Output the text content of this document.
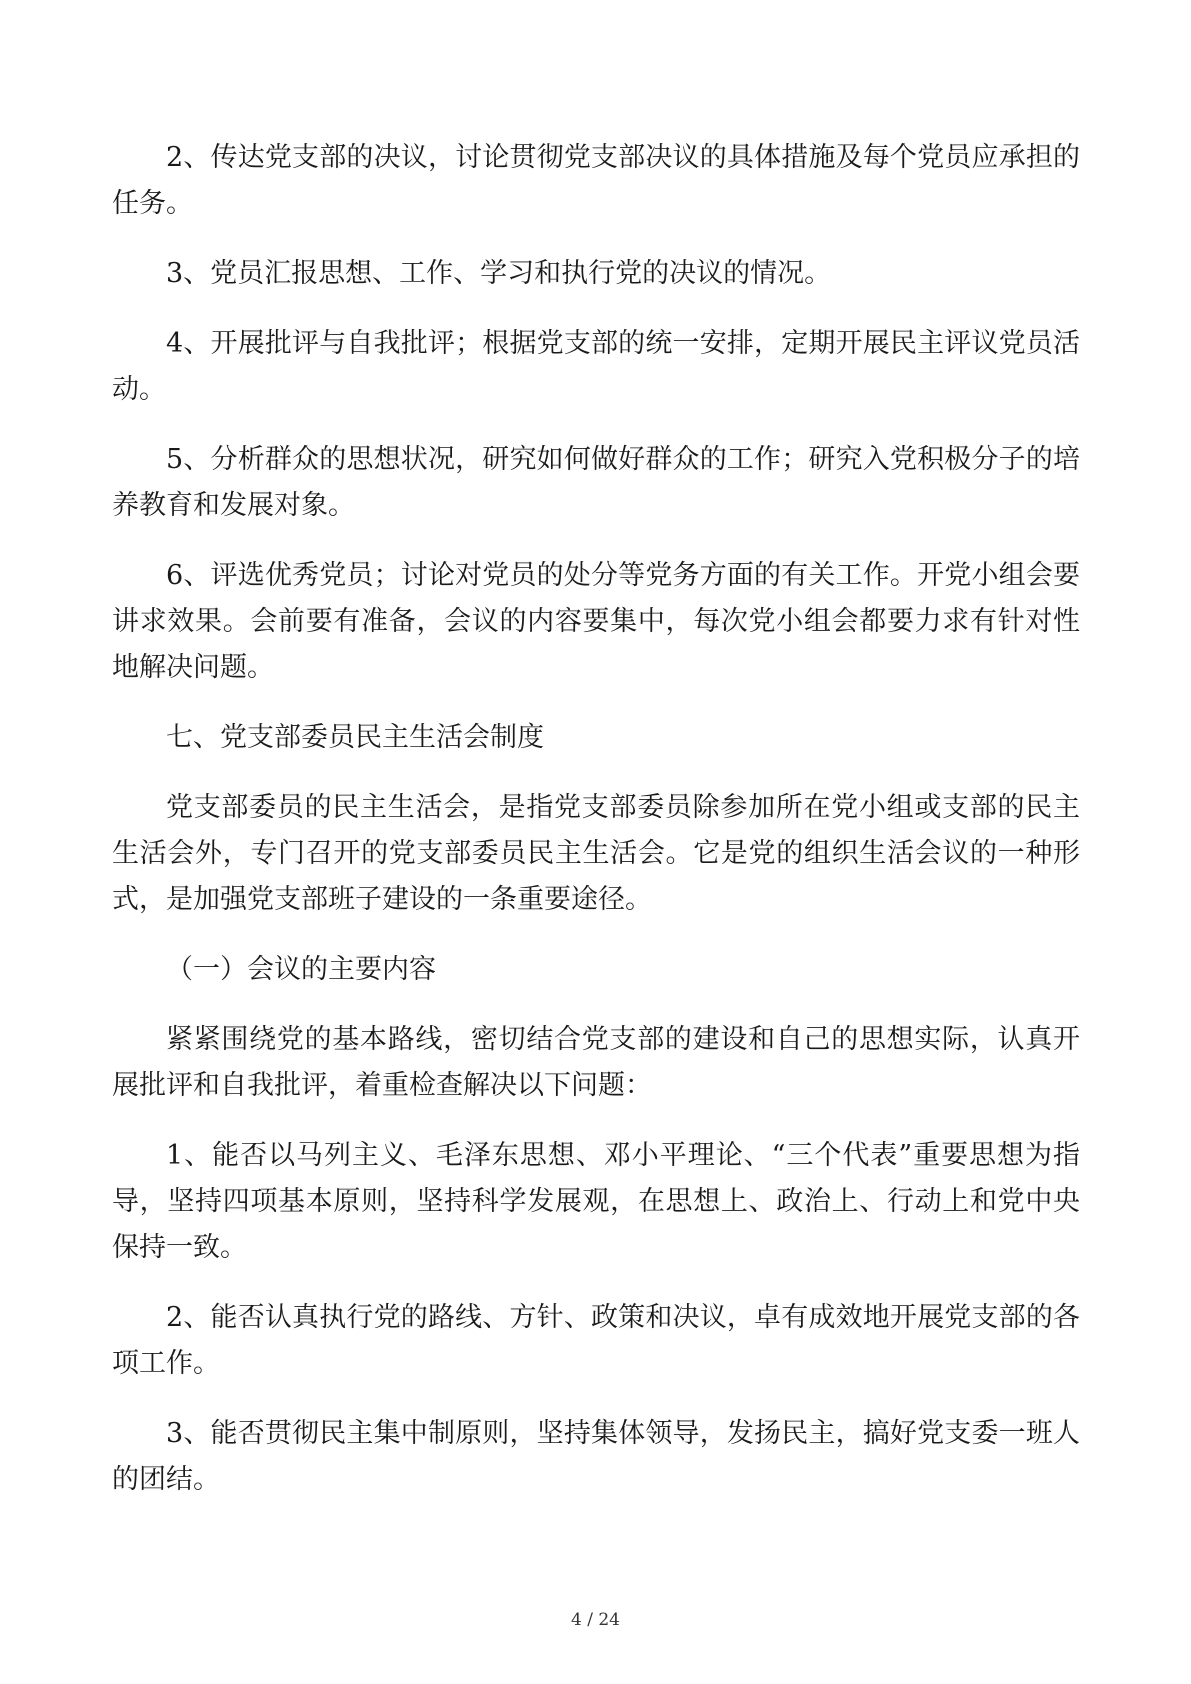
2、传达党支部的决议，讨论贯彻党支部决议的具体措施及每个党员应承担的任务。

3、党员汇报思想、工作、学习和执行党的决议的情况。

4、开展批评与自我批评；根据党支部的统一安排，定期开展民主评议党员活动。

5、分析群众的思想状况，研究如何做好群众的工作；研究入党积极分子的培养教育和发展对象。

6、评选优秀党员；讨论对党员的处分等党务方面的有关工作。开党小组会要讲求效果。会前要有准备，会议的内容要集中，每次党小组会都要力求有针对性地解决问题。

七、党支部委员民主生活会制度

党支部委员的民主生活会，是指党支部委员除参加所在党小组或支部的民主生活会外，专门召开的党支部委员民主生活会。它是党的组织生活会议的一种形式，是加强党支部班子建设的一条重要途径。

（一）会议的主要内容

紧紧围绕党的基本路线，密切结合党支部的建设和自己的思想实际，认真开展批评和自我批评，着重检查解决以下问题：

1、能否以马列主义、毛泽东思想、邓小平理论、“三个代表”重要思想为指导，坚持四项基本原则，坚持科学发展观，在思想上、政治上、行动上和党中央保持一致。

2、能否认真执行党的路线、方针、政策和决议，卓有成效地开展党支部的各项工作。

3、能否贯彻民主集中制原则，坚持集体领导，发扬民主，搞好党支委一班人的团结。

4 / 24
